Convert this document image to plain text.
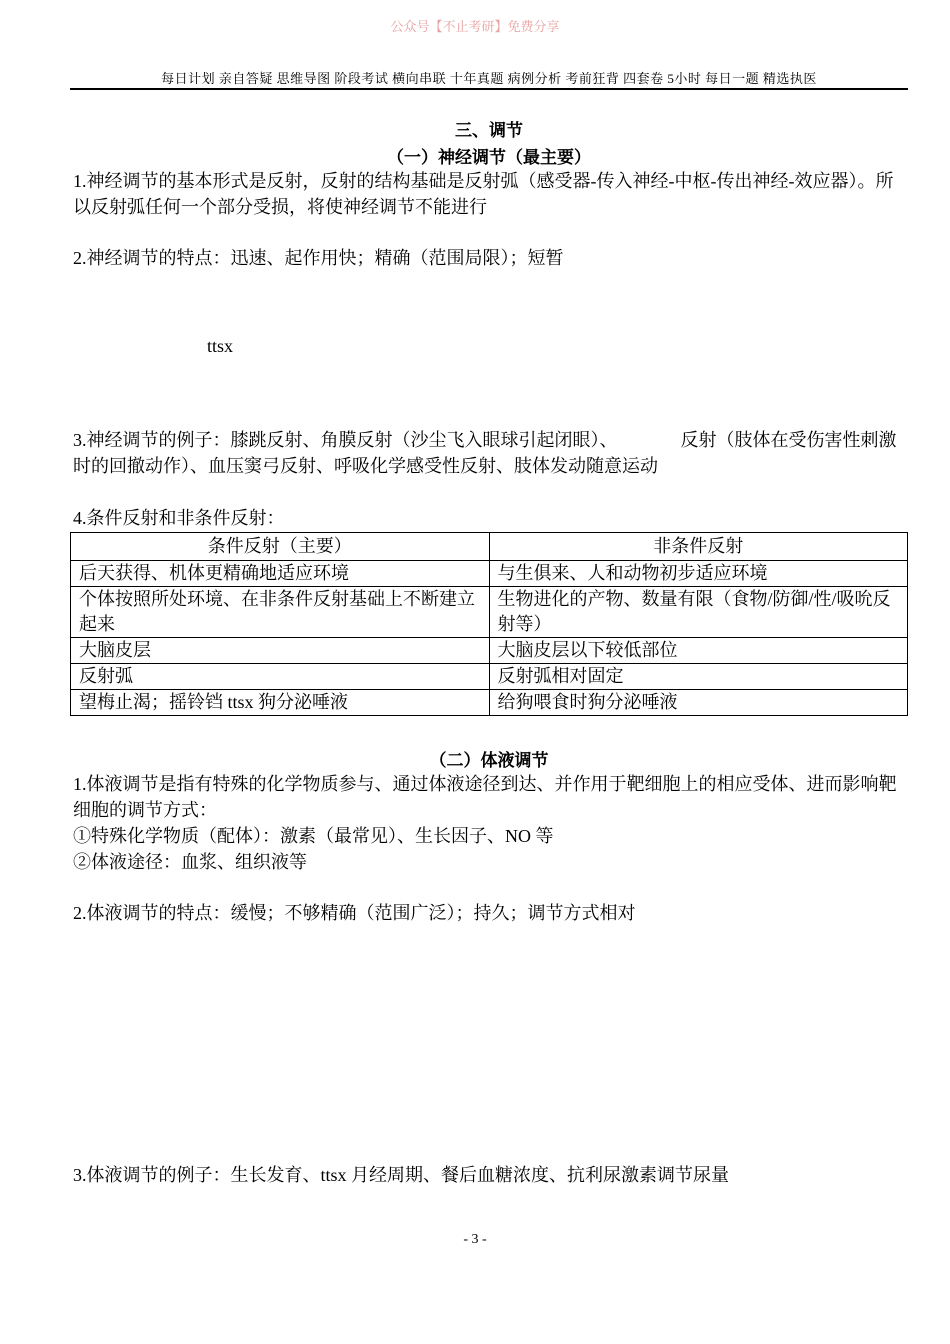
公众号【不止考研】免费分享
每日计划 亲自答疑 思维导图 阶段考试 横向串联 十年真题 病例分析 考前狂背 四套卷 5小时 每日一题 精选执医
三、调节
（一）神经调节（最主要）
1.神经调节的基本形式是反射，反射的结构基础是反射弧（感受器-传入神经-中枢-传出神经-效应器）。所以反射弧任何一个部分受损，将使神经调节不能进行
2.神经调节的特点：迅速、起作用快；精确（范围局限）；短暂
ttsx
3.神经调节的例子：膝跳反射、角膜反射（沙尘飞入眼球引起闭眼）、　　　　反射（肢体在受伤害性刺激时的回撤动作）、血压窦弓反射、呼吸化学感受性反射、肢体发动随意运动
4.条件反射和非条件反射：
条件反射（主要）	非条件反射
后天获得、机体更精确地适应环境	与生俱来、人和动物初步适应环境
个体按照所处环境、在非条件反射基础上不断建立起来	生物进化的产物、数量有限（食物/防御/性/吸吮反射等）
大脑皮层	大脑皮层以下较低部位
反射弧	反射弧相对固定
望梅止渴；摇铃铛 ttsx 狗分泌唾液	给狗喂食时狗分泌唾液
（二）体液调节
1.体液调节是指有特殊的化学物质参与、通过体液途径到达、并作用于靶细胞上的相应受体、进而影响靶细胞的调节方式：
①特殊化学物质（配体）：激素（最常见）、生长因子、NO 等
②体液途径：血浆、组织液等
2.体液调节的特点：缓慢；不够精确（范围广泛）；持久；调节方式相对
3.体液调节的例子：生长发育、ttsx 月经周期、餐后血糖浓度、抗利尿激素调节尿量
- 3 -
